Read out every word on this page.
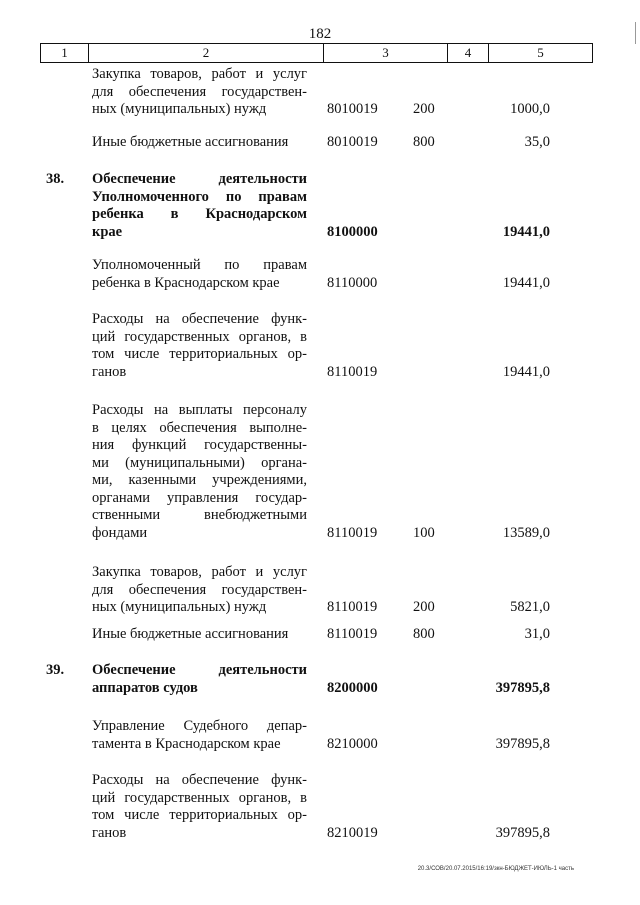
182
1	2	3	4	5
Закупка товаров, работ и услуг
для обеспечения государствен-
ных (муниципальных) нужд	8010019 200	1000,0
Иные бюджетные ассигнования	8010019 800	35,0
38.	Обеспечение деятельности
Уполномоченного по правам
ребенка в Краснодарском
крае	8100000	19441,0
Уполномоченный по правам
ребенка в Краснодарском крае	8110000	19441,0
Расходы на обеспечение функ-
ций государственных органов, в
том числе территориальных ор-
ганов	8110019	19441,0
Расходы на выплаты персоналу
в целях обеспечения выполне-
ния функций государственны-
ми (муниципальными) органа-
ми, казенными учреждениями,
органами управления государ-
ственными внебюджетными
фондами	8110019 100	13589,0
Закупка товаров, работ и услуг
для обеспечения государствен-
ных (муниципальных) нужд	8110019 200	5821,0
Иные бюджетные ассигнования	8110019 800	31,0
39.	Обеспечение деятельности
аппаратов судов	8200000	397895,8
Управление Судебного депар-
тамента в Краснодарском крае	8210000	397895,8
Расходы на обеспечение функ-
ций государственных органов, в
том числе территориальных ор-
ганов	8210019	397895,8
20.3/СОВ/20.07.2015/16:19/зкн-БЮДЖЕТ-ИЮЛЬ-1 часть
